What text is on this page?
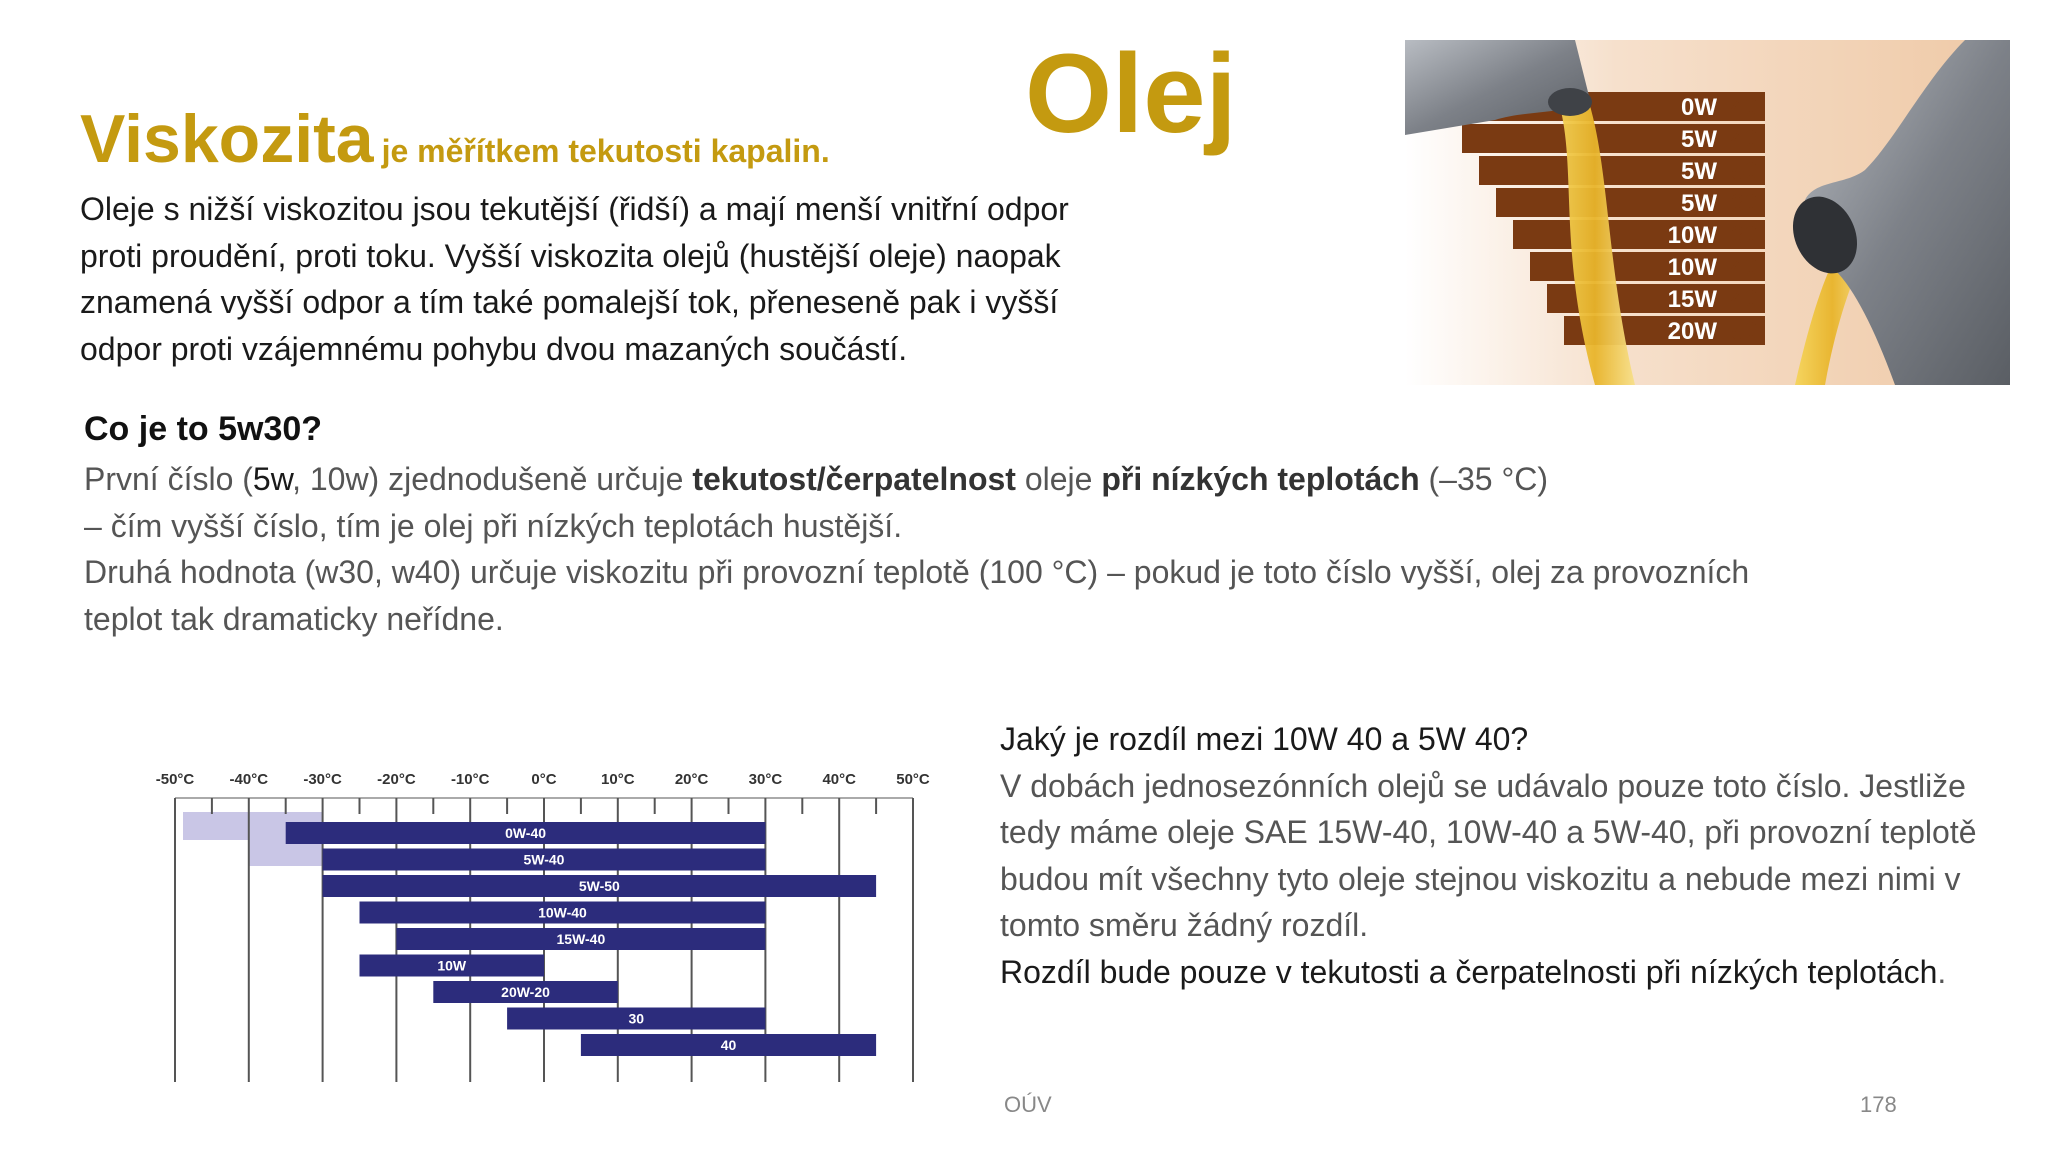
Olej
Viskozita je měřítkem tekutosti kapalin.
Oleje s nižší viskozitou jsou tekutější (řidší) a mají menší vnitřní odpor proti proudění, proti toku. Vyšší viskozita olejů (hustější oleje) naopak znamená vyšší odpor a tím také pomalejší tok, přeneseně pak i vyšší odpor proti vzájemnému pohybu dvou mazaných součástí.
0W -40
5W -40
5W -50
5W -30
10W -30
10W -40
15W -40
20W -50
Co je to 5w30?
První číslo (5w, 10w) zjednodušeně určuje tekutost/čerpatelnost oleje při nízkých teplotách (–35 °C)
– čím vyšší číslo, tím je olej při nízkých teplotách hustější.
Druhá hodnota (w30, w40) určuje viskozitu při provozní teplotě (100 °C) – pokud je toto číslo vyšší, olej za provozních teplot tak dramaticky neřídne.
-50°C -40°C -30°C -20°C -10°C	0°C	10°C	20°C	30°C	40°C	50°C
0W-40
5W-40
5W-50
10W-40
15W-40
10W
20W-20
30
40
Jaký je rozdíl mezi 10W 40 a 5W 40?
V dobách jednosezónních olejů se udávalo pouze toto číslo. Jestliže tedy máme oleje SAE 15W-40, 10W-40 a 5W-40, při provozní teplotě budou mít všechny tyto oleje stejnou viskozitu a nebude mezi nimi v tomto směru žádný rozdíl.
Rozdíl bude pouze v tekutosti a čerpatelnosti při nízkých teplotách.
OÚV	178
